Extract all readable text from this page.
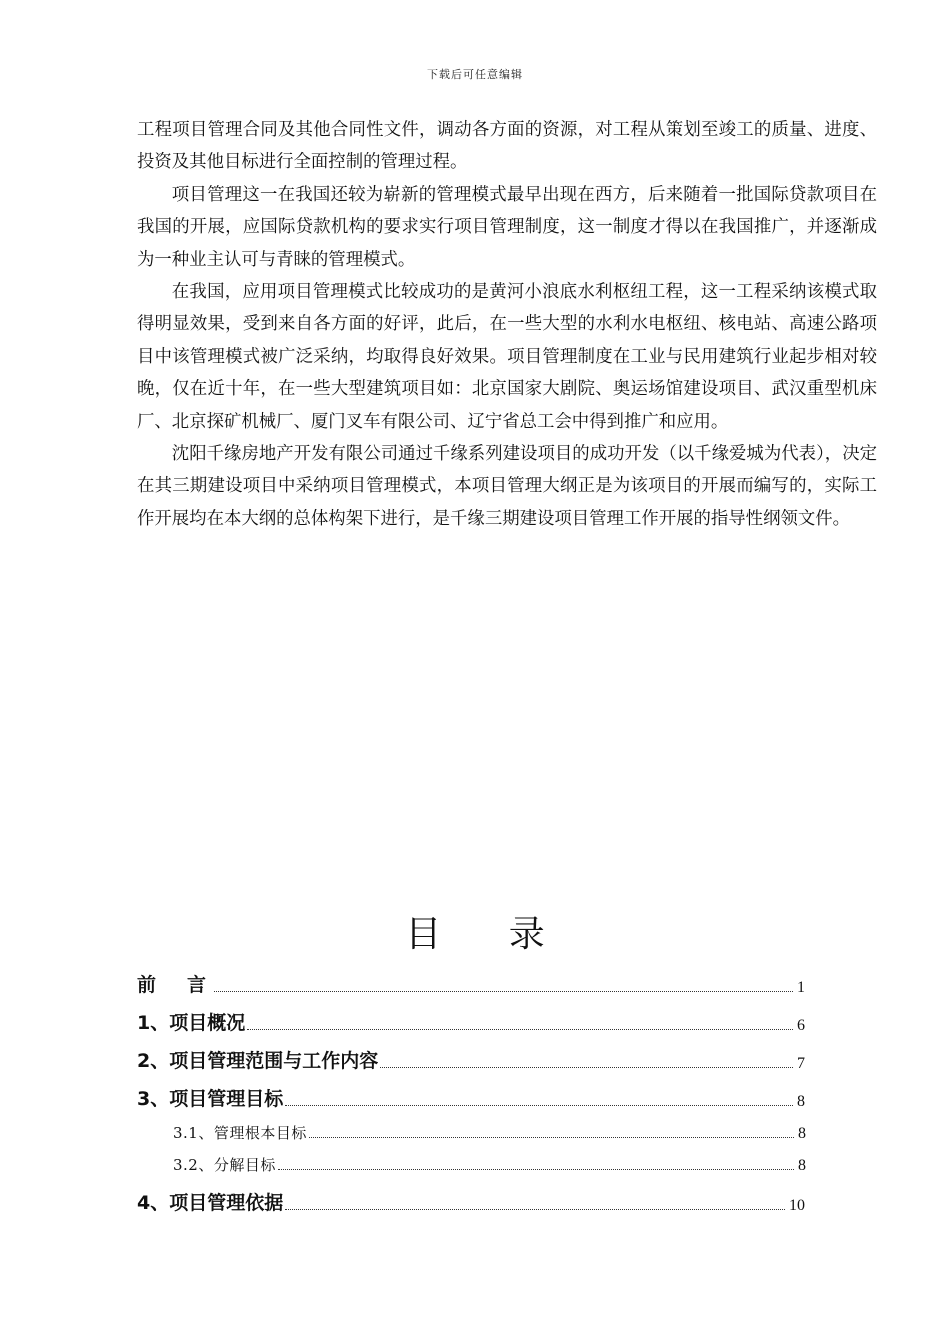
下载后可任意编辑

工程项目管理合同及其他合同性文件，调动各方面的资源，对工程从策划至竣工的质量、进度、投资及其他目标进行全面控制的管理过程。

项目管理这一在我国还较为崭新的管理模式最早出现在西方，后来随着一批国际贷款项目在我国的开展，应国际贷款机构的要求实行项目管理制度，这一制度才得以在我国推广，并逐渐成为一种业主认可与青睐的管理模式。

在我国，应用项目管理模式比较成功的是黄河小浪底水利枢纽工程，这一工程采纳该模式取得明显效果，受到来自各方面的好评，此后，在一些大型的水利水电枢纽、核电站、高速公路项目中该管理模式被广泛采纳，均取得良好效果。项目管理制度在工业与民用建筑行业起步相对较晚，仅在近十年，在一些大型建筑项目如：北京国家大剧院、奥运场馆建设项目、武汉重型机床厂、北京探矿机械厂、厦门叉车有限公司、辽宁省总工会中得到推广和应用。

沈阳千缘房地产开发有限公司通过千缘系列建设项目的成功开发（以千缘爱城为代表），决定在其三期建设项目中采纳项目管理模式，本项目管理大纲正是为该项目的开展而编写的，实际工作开展均在本大纲的总体构架下进行，是千缘三期建设项目管理工作开展的指导性纲领文件。

目 录
前　言	1
1、项目概况	6
2、项目管理范围与工作内容	7
3、项目管理目标	8
3.1、管理根本目标	8
3.2、分解目标	8
4、项目管理依据	10
